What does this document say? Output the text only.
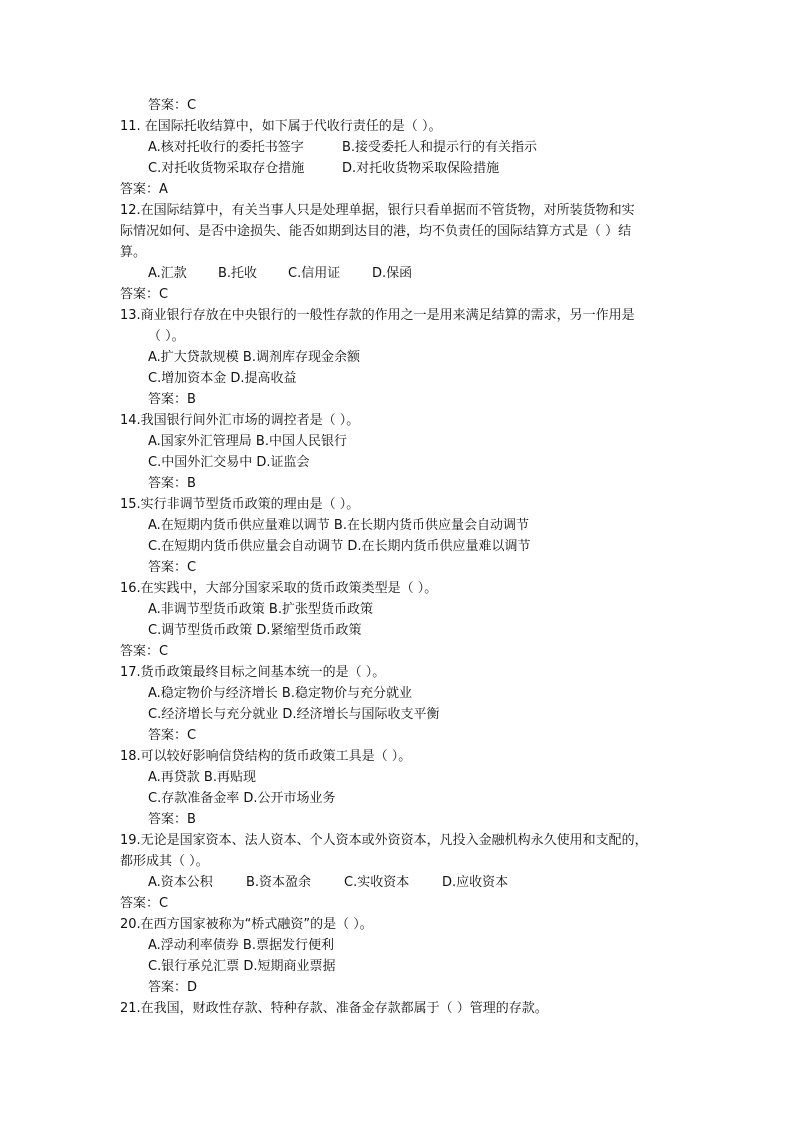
答案：C
11. 在国际托收结算中，如下属于代收行责任的是（ ）。
A.核对托收行的委托书签字	B.接受委托人和提示行的有关指示
C.对托收货物采取存仓措施	D.对托收货物采取保险措施
答案：A
12.在国际结算中，有关当事人只是处理单据，银行只看单据而不管货物，对所装货物和实
际情况如何、是否中途损失、能否如期到达目的港，均不负责任的国际结算方式是（ ）结
算。
A.汇款 B.托收 C.信用证 D.保函
答案：C
13.商业银行存放在中央银行的一般性存款的作用之一是用来满足结算的需求，另一作用是
（ ）。
A.扩大贷款规模 B.调剂库存现金余额
C.增加资本金 D.提高收益
答案：B
14.我国银行间外汇市场的调控者是（ ）。
A.国家外汇管理局 B.中国人民银行
C.中国外汇交易中 D.证监会
答案：B
15.实行非调节型货币政策的理由是（ ）。
A.在短期内货币供应量难以调节 B.在长期内货币供应量会自动调节
C.在短期内货币供应量会自动调节 D.在长期内货币供应量难以调节
答案：C
16.在实践中，大部分国家采取的货币政策类型是（ ）。
A.非调节型货币政策 B.扩张型货币政策
C.调节型货币政策 D.紧缩型货币政策
答案：C
17.货币政策最终目标之间基本统一的是（ ）。
A.稳定物价与经济增长 B.稳定物价与充分就业
C.经济增长与充分就业 D.经济增长与国际收支平衡
答案：C
18.可以较好影响信贷结构的货币政策工具是（ ）。
A.再贷款 B.再贴现
C.存款准备金率 D.公开市场业务
答案：B
19.无论是国家资本、法人资本、个人资本或外资资本，凡投入金融机构永久使用和支配的，
都形成其（ ）。
A.资本公积	B.资本盈余	C.实收资本	D.应收资本
答案：C
20.在西方国家被称为“桥式融资”的是（ ）。
A.浮动利率债券 B.票据发行便利
C.银行承兑汇票 D.短期商业票据
答案：D
21.在我国，财政性存款、特种存款、准备金存款都属于（ ）管理的存款。
